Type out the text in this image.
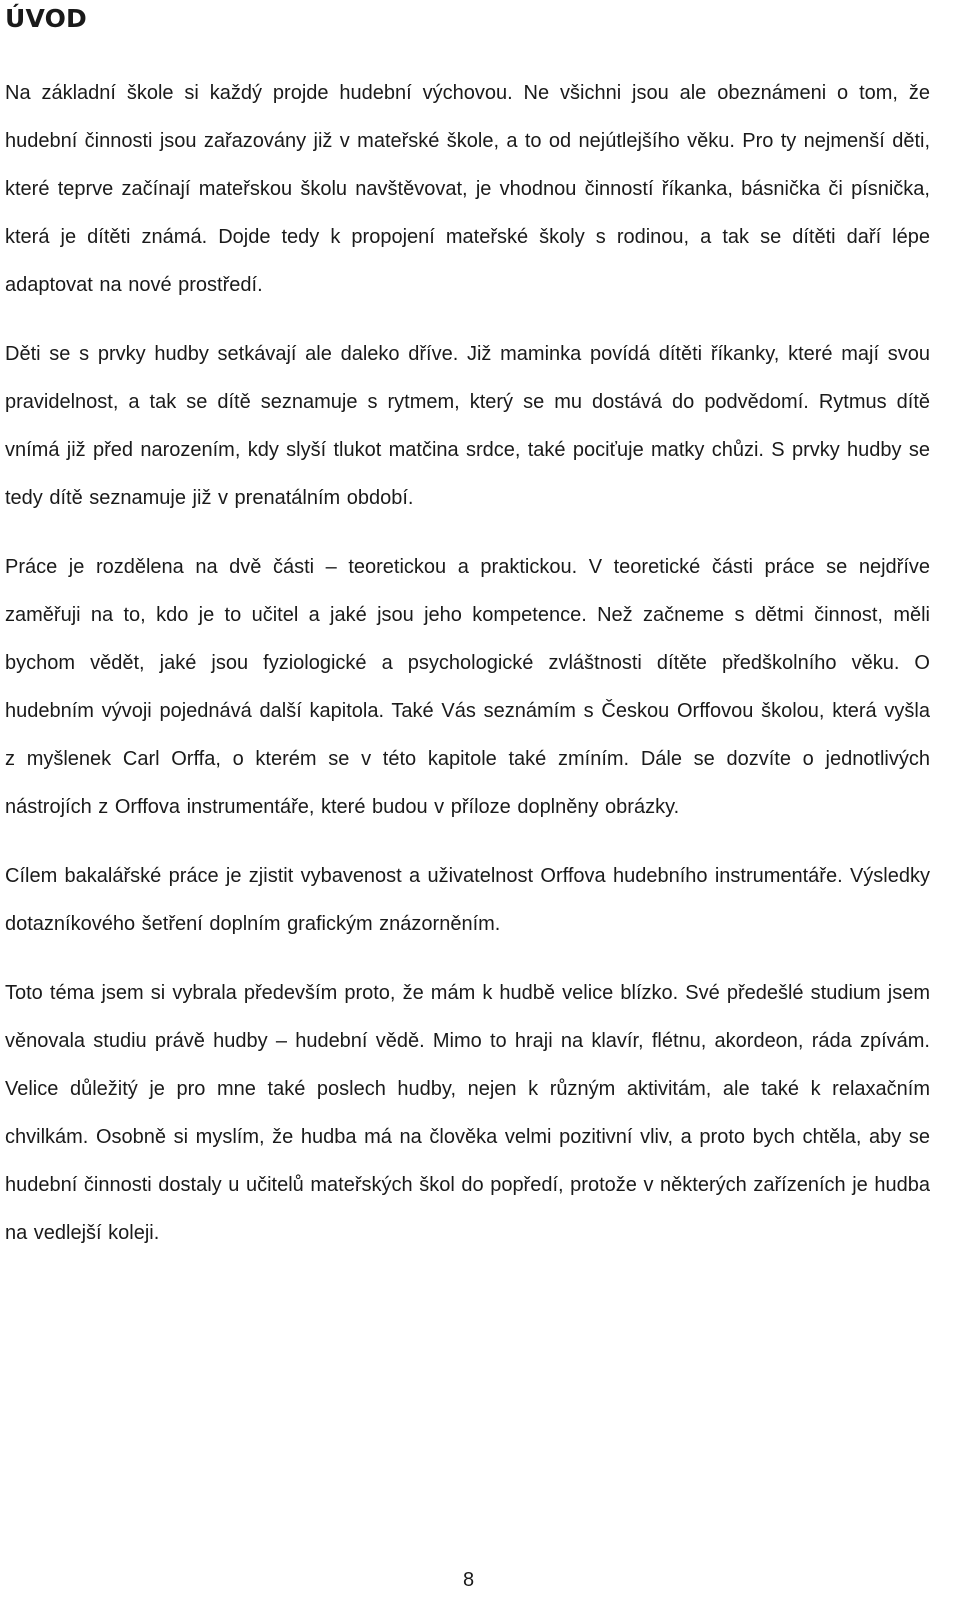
ÚVOD

Na základní škole si každý projde hudební výchovou. Ne všichni jsou ale obeznámeni o tom, že hudební činnosti jsou zařazovány již v mateřské škole, a to od nejútlejšího věku. Pro ty nejmenší děti, které teprve začínají mateřskou školu navštěvovat, je vhodnou činností říkanka, básnička či písnička, která je dítěti známá. Dojde tedy k propojení mateřské školy s rodinou, a tak se dítěti daří lépe adaptovat na nové prostředí.

Děti se s prvky hudby setkávají ale daleko dříve. Již maminka povídá dítěti říkanky, které mají svou pravidelnost, a tak se dítě seznamuje s rytmem, který se mu dostává do podvědomí. Rytmus dítě vnímá již před narozením, kdy slyší tlukot matčina srdce, také pociťuje matky chůzi. S prvky hudby se tedy dítě seznamuje již v prenatálním období.

Práce je rozdělena na dvě části – teoretickou a praktickou. V teoretické části práce se nejdříve zaměřuji na to, kdo je to učitel a jaké jsou jeho kompetence. Než začneme s dětmi činnost, měli bychom vědět, jaké jsou fyziologické a psychologické zvláštnosti dítěte předškolního věku. O hudebním vývoji pojednává další kapitola. Také Vás seznámím s Českou Orffovou školou, která vyšla z myšlenek Carl Orffa, o kterém se v této kapitole také zmíním. Dále se dozvíte o jednotlivých nástrojích z Orffova instrumentáře, které budou v příloze doplněny obrázky.

Cílem bakalářské práce je zjistit vybavenost a uživatelnost Orffova hudebního instrumentáře. Výsledky dotazníkového šetření doplním grafickým znázorněním.

Toto téma jsem si vybrala především proto, že mám k hudbě velice blízko. Své předešlé studium jsem věnovala studiu právě hudby – hudební vědě. Mimo to hraji na klavír, flétnu, akordeon, ráda zpívám. Velice důležitý je pro mne také poslech hudby, nejen k různým aktivitám, ale také k relaxačním chvilkám. Osobně si myslím, že hudba má na člověka velmi pozitivní vliv, a proto bych chtěla, aby se hudební činnosti dostaly u učitelů mateřských škol do popředí, protože v některých zařízeních je hudba na vedlejší koleji.

8
